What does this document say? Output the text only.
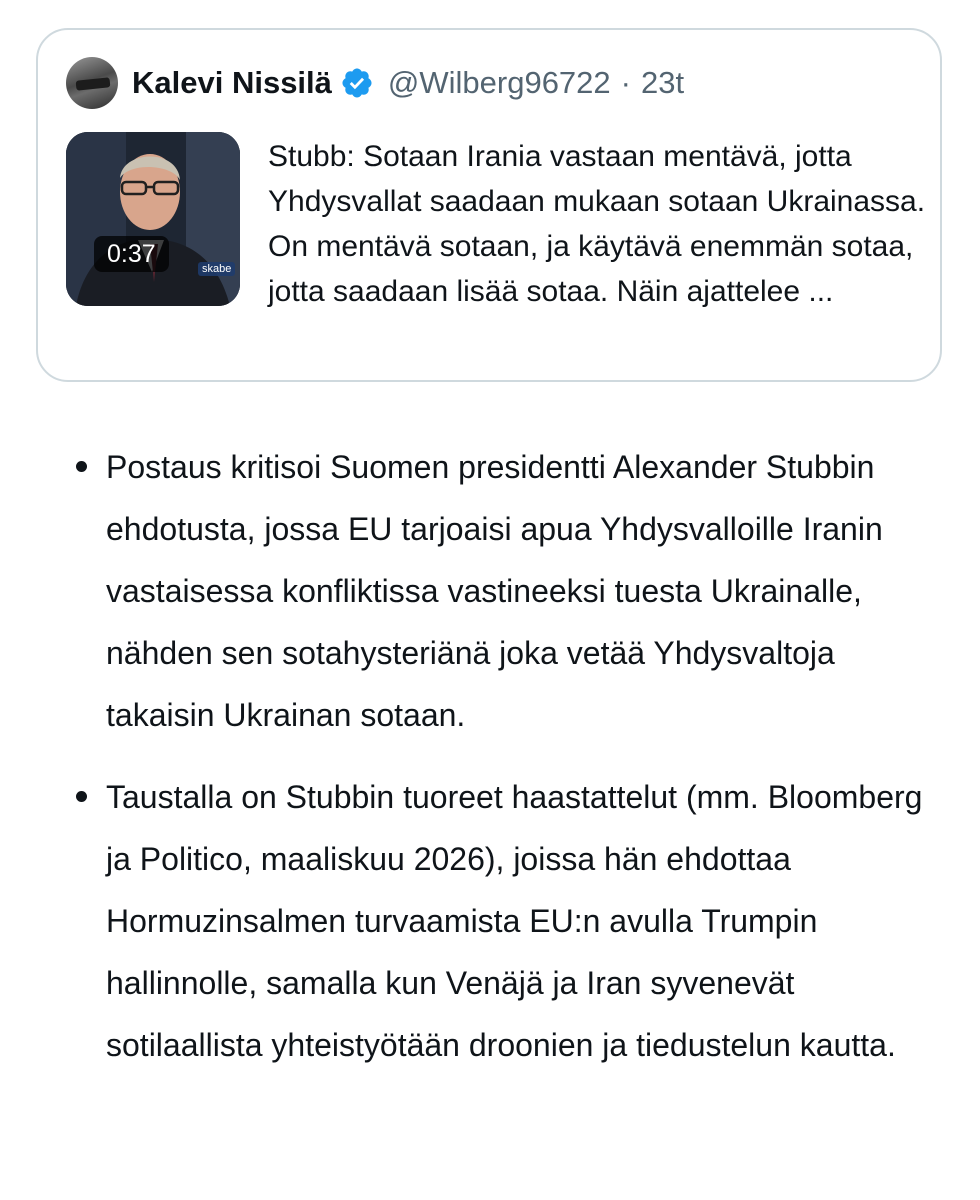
Kalevi Nissilä @Wilberg96722 · 23t
0:37
skabe
Stubb: Sotaan Irania vastaan mentävä, jotta Yhdysvallat saadaan mukaan sotaan Ukrainassa. On mentävä sotaan, ja käytävä enemmän sotaa, jotta saadaan lisää sotaa. Näin ajattelee ...
Postaus kritisoi Suomen presidentti Alexander Stubbin ehdotusta, jossa EU tarjoaisi apua Yhdysvalloille Iranin vastaisessa konfliktissa vastineeksi tuesta Ukrainalle, nähden sen sotahysteriänä joka vetää Yhdysvaltoja takaisin Ukrainan sotaan.
Taustalla on Stubbin tuoreet haastattelut (mm. Bloomberg ja Politico, maaliskuu 2026), joissa hän ehdottaa Hormuzinsalmen turvaamista EU:n avulla Trumpin hallinnolle, samalla kun Venäjä ja Iran syvenevät sotilaallista yhteistyötään droonien ja tiedustelun kautta.
